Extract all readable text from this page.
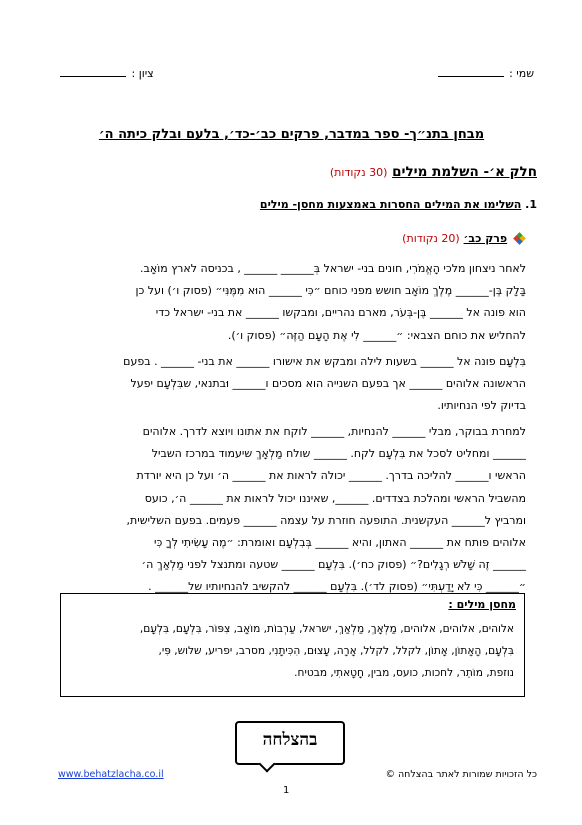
שמי :
ציון :
מבחן בתנ״ך- ספר במדבר, פרקים כב׳-כד׳, בלעם ובלק כיתה ה׳
חלק א׳- השלמת מילים (30 נקודות)
1. השלימו את המילים החסרות באמצעות מחסן- מילים
פרק כב׳ (20 נקודות)
לאחר ניצחון מלכי הָאֱמֹרִי, חונים בני- ישראל בְּ______ ______ , בכניסה לארץ מוֹאָב.
בָּלָק בֶּן-______ מֶלֶךְ מוֹאָב חושש מפני כוחם ״כִּי ______ הוּא מִמֶּנִּי״ (פסוק ו׳) ועל כן
הוא פונה אל ______ בֶּן-בְּעֹר, מארם נהריים, ומבקשו ______ את בני- ישראל כדי
להחליש את כוחם הצבאי: ״______ לִי אֶת הָעָם הַזֶּה״ (פסוק ו׳).
בִּלְעָם פונה אל ______ בשעות לילה ומבקש את אישורו ______ את בני- ______ . בפעם
הראשונה אלוהים ______ אך בפעם השנייה הוא מסכים ו______ וּבתנאי, שבִּלְעָם יפעל
בדיוק לפי הנחיותיו.
למחרת בבוקר, מבלי ______ להנחיות, ______ לוקח את אתונו ויוצא לדרך. אלוהים
______ ומחליט לסכל את בִּלְעָם לקח. ______ שולח מַלְאָךְ שיעמוד במרכז השביל
הראשי ו______ להליכה בדרך. ______ יכולה לראות את ______ ה׳ ועל כן היא יורדת
מהשביל הראשי ומהלכת בצדדים. ______, שאיננו יכול לראות את ______ ה׳, כועס
ומרביץ ל______ העקשנית. התופעה חוזרת על עצמה ______ פעמים. בפעם השלישית,
אלוהים פותח את ______ האתון, והיא ______ בְּבִלְעָם ואומרת: ״מֶה עָשִׂיתִי לְךָ כִּי
______ זֶה שָׁלֹשׁ רְגָלִים?״ (פסוק כח׳). בִּלְעָם ______ שטעה ומתנצל לפני מַלְאַךְ ה׳
״______ כִּי לֹא יָדַעְתִּי״ (פסוק לד׳). בִּלְעָם ______ להקשיב להנחיותיו של______ .
מחסן מילים :
אלוהים, אלוהים, אלוהים, מַלְאָךְ, מַלְאַךְ, ישראל, עַרְבוֹת, מוֹאָב, צִפּוֹר, בִּלְעָם, בִּלְעָם,
בִּלְעָם, הָאָתוֹן, אָתוֹן, לקלל, לקלל, אָרָה, עָצוּם, הִכִּיתָנִי, מסרב, יפריע, שלוש, פִּי,
נוזפת, מוֹתֵר, לחכות, כועס, מבין, חָטָאתִי, מבטיח.
בהצלחה
www.behatzlacha.co.il	כל הזכויות שמורות לאתר בהצלחה ©
1
